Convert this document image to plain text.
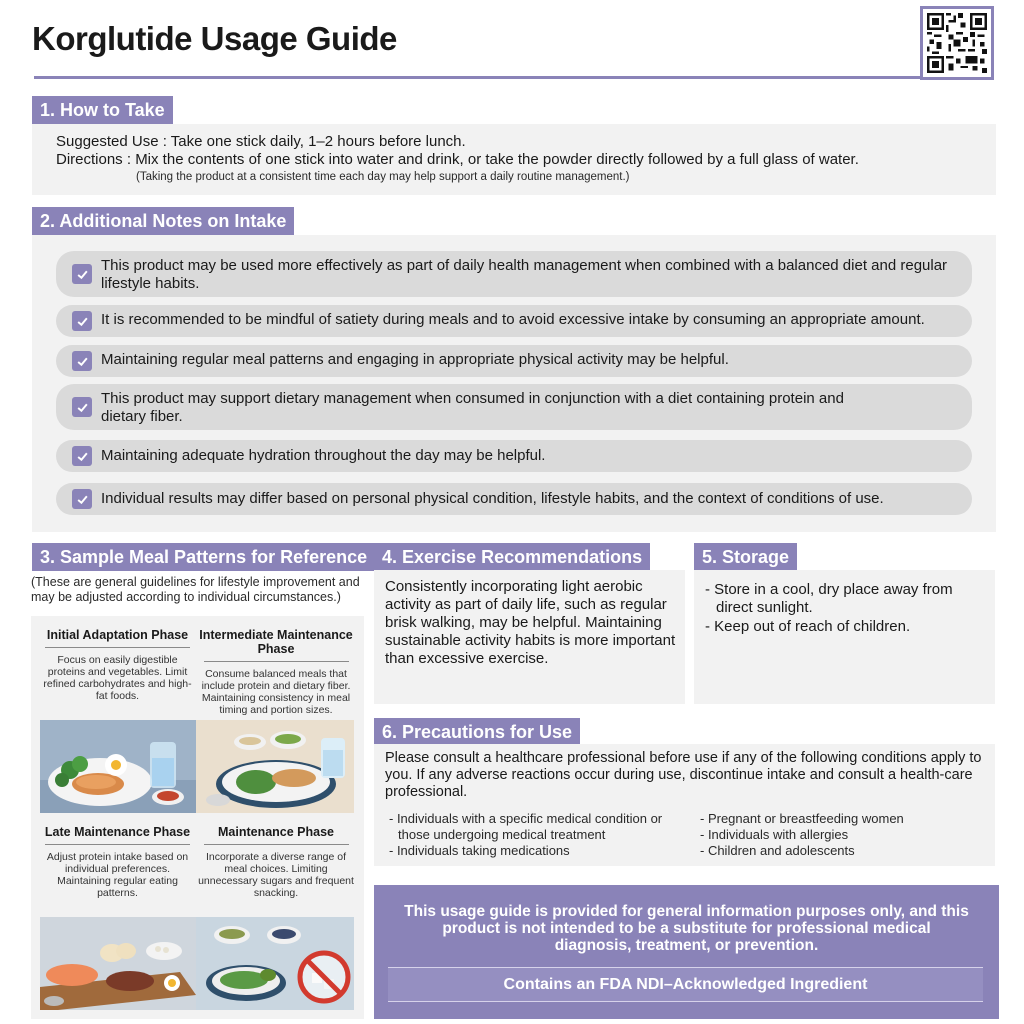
Korglutide Usage Guide
1. How to Take
Suggested Use : Take one stick daily, 1–2 hours before lunch.
Directions : Mix the contents of one stick into water and drink, or take the powder directly followed by a full glass of water.
(Taking the product at a consistent time each day may help support a daily routine management.)
2. Additional Notes on Intake
This product may be used more effectively as part of daily health management when combined with a balanced diet and regular lifestyle habits.
It is recommended to be mindful of satiety during meals and to avoid excessive intake by consuming an appropriate amount.
Maintaining regular meal patterns and engaging in appropriate physical activity may be helpful.
This product may support dietary management when consumed in conjunction with a diet containing protein and dietary fiber.
Maintaining adequate hydration throughout the day may be helpful.
Individual results may differ based on personal physical condition, lifestyle habits, and the context of conditions of use.
3. Sample Meal Patterns for Reference
(These are general guidelines for lifestyle improvement and may be adjusted according to individual circumstances.)
Initial Adaptation Phase
Focus on easily digestible proteins and vegetables. Limit refined carbohydrates and high-fat foods.
Intermediate Maintenance Phase
Consume balanced meals that include protein and dietary fiber. Maintaining consistency in meal timing and portion sizes.
Late Maintenance Phase
Adjust protein intake based on individual preferences. Maintaining regular eating patterns.
Maintenance Phase
Incorporate a diverse range of meal choices. Limiting unnecessary sugars and frequent snacking.
4. Exercise Recommendations
Consistently incorporating light aerobic activity as part of daily life, such as regular brisk walking, may be helpful. Maintaining sustainable activity habits is more important than excessive exercise.
5. Storage
- Store in a cool, dry place away from
direct sunlight.
- Keep out of reach of children.
6. Precautions for Use
Please consult a healthcare professional before use if any of the following conditions apply to you. If any adverse reactions occur during use, discontinue intake and consult a health-care professional.
- Individuals with a specific medical condition or
those undergoing medical treatment
- Individuals taking medications
- Pregnant or breastfeeding women
- Individuals with allergies
- Children and adolescents
This usage guide is provided for general information purposes only, and this product is not intended to be a substitute for professional medical diagnosis, treatment, or prevention.
Contains an FDA NDI–Acknowledged Ingredient
